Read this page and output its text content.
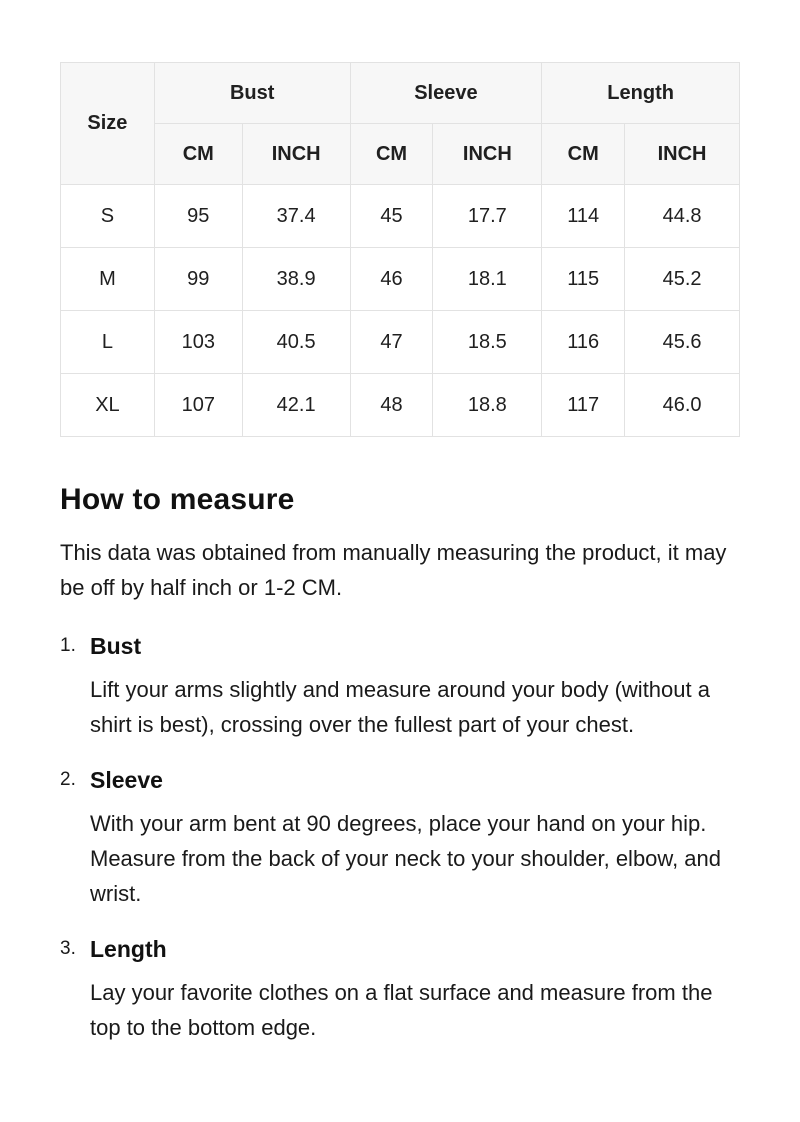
Size	Bust		Sleeve		Length	
	CM	INCH	CM	INCH	CM	INCH
S	95	37.4	45	17.7	114	44.8
M	99	38.9	46	18.1	115	45.2
L	103	40.5	47	18.5	116	45.6
XL	107	42.1	48	18.8	117	46.0
How to measure

This data was obtained from manually measuring the product, it may be off by half inch or 1-2 CM.

1. Bust

Lift your arms slightly and measure around your body (without a shirt is best), crossing over the fullest part of your chest.

2. Sleeve

With your arm bent at 90 degrees, place your hand on your hip. Measure from the back of your neck to your shoulder, elbow, and wrist.

3. Length

Lay your favorite clothes on a flat surface and measure from the top to the bottom edge.
